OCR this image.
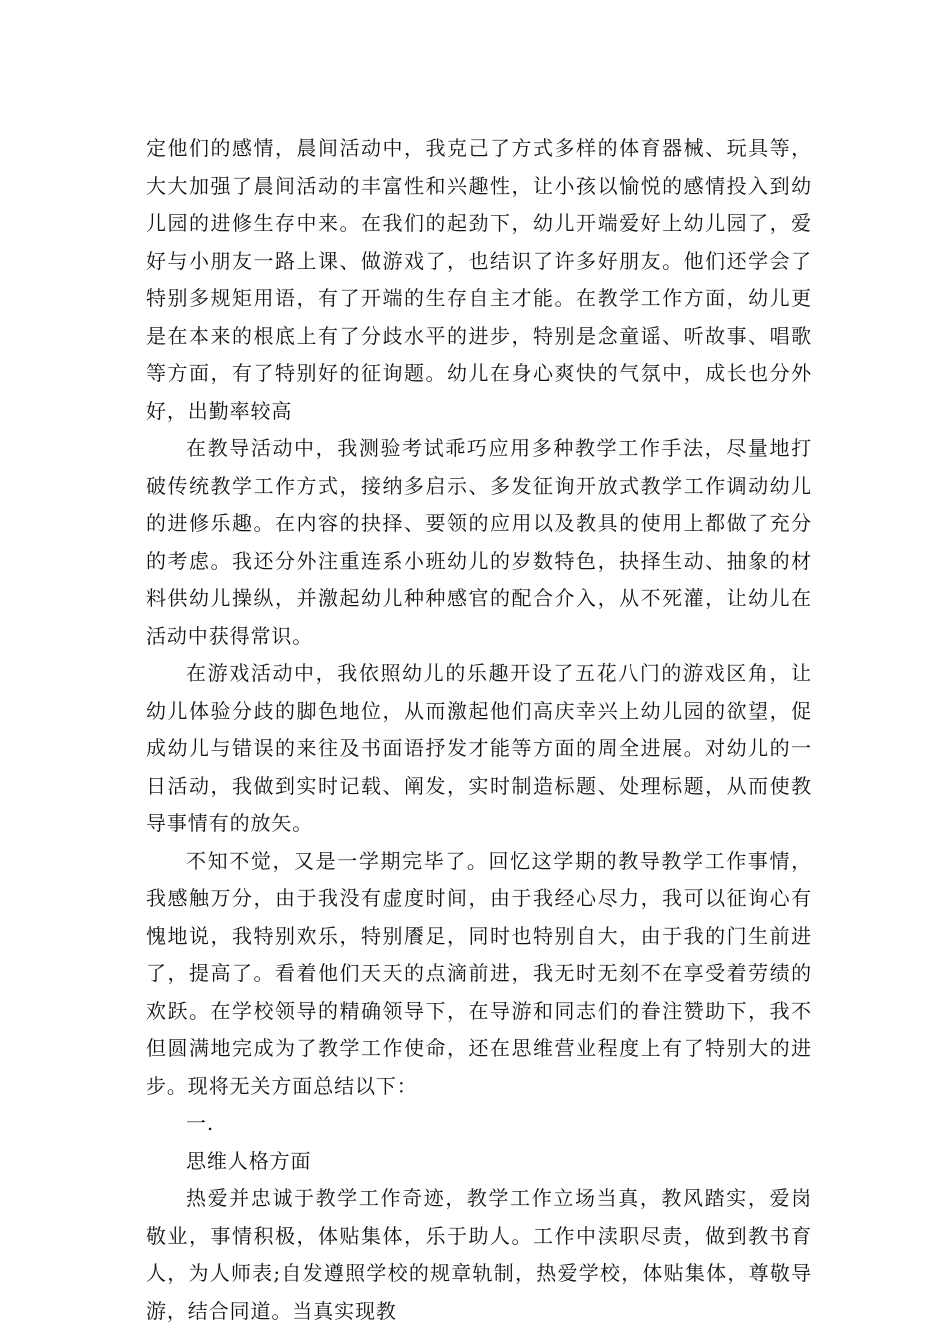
定他们的感情，晨间活动中，我克己了方式多样的体育器械、玩具等，大大加强了晨间活动的丰富性和兴趣性，让小孩以愉悦的感情投入到幼儿园的进修生存中来。在我们的起劲下，幼儿开端爱好上幼儿园了，爱好与小朋友一路上课、做游戏了，也结识了许多好朋友。他们还学会了特别多规矩用语，有了开端的生存自主才能。在教学工作方面，幼儿更是在本来的根底上有了分歧水平的进步，特别是念童谣、听故事、唱歌等方面，有了特别好的征询题。幼儿在身心爽快的气氛中，成长也分外好，出勤率较高

在教导活动中，我测验考试乖巧应用多种教学工作手法，尽量地打破传统教学工作方式，接纳多启示、多发征询开放式教学工作调动幼儿的进修乐趣。在内容的抉择、要领的应用以及教具的使用上都做了充分的考虑。我还分外注重连系小班幼儿的岁数特色，抉择生动、抽象的材料供幼儿操纵，并激起幼儿种种感官的配合介入，从不死灌，让幼儿在活动中获得常识。

在游戏活动中，我依照幼儿的乐趣开设了五花八门的游戏区角，让幼儿体验分歧的脚色地位，从而激起他们高庆幸兴上幼儿园的欲望，促成幼儿与错误的来往及书面语抒发才能等方面的周全进展。对幼儿的一日活动，我做到实时记载、阐发，实时制造标题、处理标题，从而使教导事情有的放矢。

不知不觉，又是一学期完毕了。回忆这学期的教导教学工作事情，我感触万分，由于我没有虚度时间，由于我经心尽力，我可以征询心有愧地说，我特别欢乐，特别餍足，同时也特别自大，由于我的门生前进了，提高了。看着他们天天的点滴前进，我无时无刻不在享受着劳绩的欢跃。在学校领导的精确领导下，在导游和同志们的眷注赞助下，我不但圆满地完成为了教学工作使命，还在思维营业程度上有了特别大的进步。现将无关方面总结以下：

一.

思维人格方面

热爱并忠诚于教学工作奇迹，教学工作立场当真，教风踏实，爱岗敬业，事情积极，体贴集体，乐于助人。工作中渎职尽责，做到教书育人，为人师表;自发遵照学校的规章轨制，热爱学校，体贴集体，尊敬导游，结合同道。当真实现教
